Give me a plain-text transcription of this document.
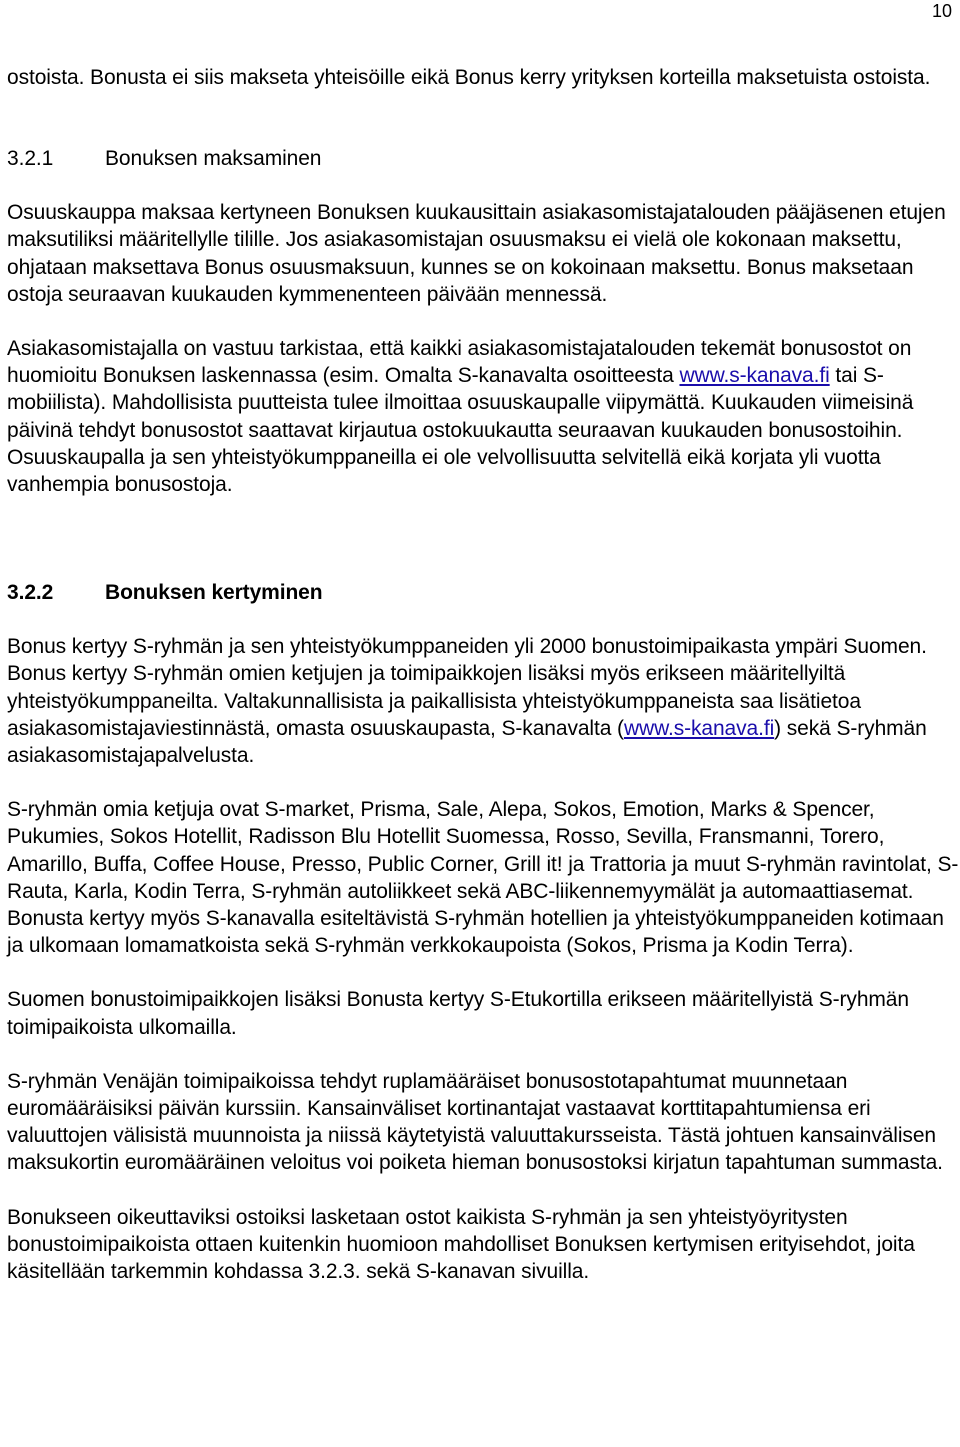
10

ostoista. Bonusta ei siis makseta yhteisöille eikä Bonus kerry yrityksen korteilla maksetuista ostoista.

3.2.1	Bonuksen maksaminen

Osuuskauppa maksaa kertyneen Bonuksen kuukausittain asiakasomistajatalouden pääjäsenen etujen maksutiliksi määritellylle tilille. Jos asiakasomistajan osuusmaksu ei vielä ole kokonaan maksettu, ohjataan maksettava Bonus osuusmaksuun, kunnes se on kokoinaan maksettu. Bonus maksetaan ostoja seuraavan kuukauden kymmenenteen päivään mennessä.

Asiakasomistajalla on vastuu tarkistaa, että kaikki asiakasomistajatalouden tekemät bonusostot on huomioitu Bonuksen laskennassa (esim. Omalta S-kanavalta osoitteesta www.s-kanava.fi tai S-mobiilista). Mahdollisista puutteista tulee ilmoittaa osuuskaupalle viipymättä. Kuukauden viimeisinä päivinä tehdyt bonusostot saattavat kirjautua ostokuukautta seuraavan kuukauden bonusostoihin. Osuuskaupalla ja sen yhteistyökumppaneilla ei ole velvollisuutta selvitellä eikä korjata yli vuotta vanhempia bonusostoja.

3.2.2	Bonuksen kertyminen

Bonus kertyy S-ryhmän ja sen yhteistyökumppaneiden yli 2000 bonustoimipaikasta ympäri Suomen. Bonus kertyy S-ryhmän omien ketjujen ja toimipaikkojen lisäksi myös erikseen määritellyiltä yhteistyökumppaneilta. Valtakunnallisista ja paikallisista yhteistyökumppaneista saa lisätietoa asiakasomistajaviestinnästä, omasta osuuskaupasta, S-kanavalta (www.s-kanava.fi) sekä S-ryhmän asiakasomistajapalvelusta.

S-ryhmän omia ketjuja ovat S-market, Prisma, Sale, Alepa, Sokos, Emotion, Marks & Spencer, Pukumies, Sokos Hotellit, Radisson Blu Hotellit Suomessa, Rosso, Sevilla, Fransmanni, Torero, Amarillo, Buffa, Coffee House, Presso, Public Corner, Grill it! ja Trattoria ja muut S-ryhmän ravintolat, S-Rauta, Karla, Kodin Terra, S-ryhmän autoliikkeet sekä ABC-liikennemyymälät ja automaattiasemat. Bonusta kertyy myös S-kanavalla esiteltävistä S-ryhmän hotellien ja yhteistyökumppaneiden kotimaan ja ulkomaan lomamatkoista sekä S-ryhmän verkkokaupoista (Sokos, Prisma ja Kodin Terra).

Suomen bonustoimipaikkojen lisäksi Bonusta kertyy S-Etukortilla erikseen määritellyistä S-ryhmän toimipaikoista ulkomailla.

S-ryhmän Venäjän toimipaikoissa tehdyt ruplamääräiset bonusostotapahtumat muunnetaan euromääräisiksi päivän kurssiin. Kansainväliset kortinantajat vastaavat korttitapahtumiensa eri valuuttojen välisistä muunnoista ja niissä käytetyistä valuuttakursseista. Tästä johtuen kansainvälisen maksukortin euromääräinen veloitus voi poiketa hieman bonusostoksi kirjatun tapahtuman summasta.

Bonukseen oikeuttaviksi ostoiksi lasketaan ostot kaikista S-ryhmän ja sen yhteistyöyritysten bonustoimipaikoista ottaen kuitenkin huomioon mahdolliset Bonuksen kertymisen erityisehdot, joita käsitellään tarkemmin kohdassa 3.2.3. sekä S-kanavan sivuilla.
